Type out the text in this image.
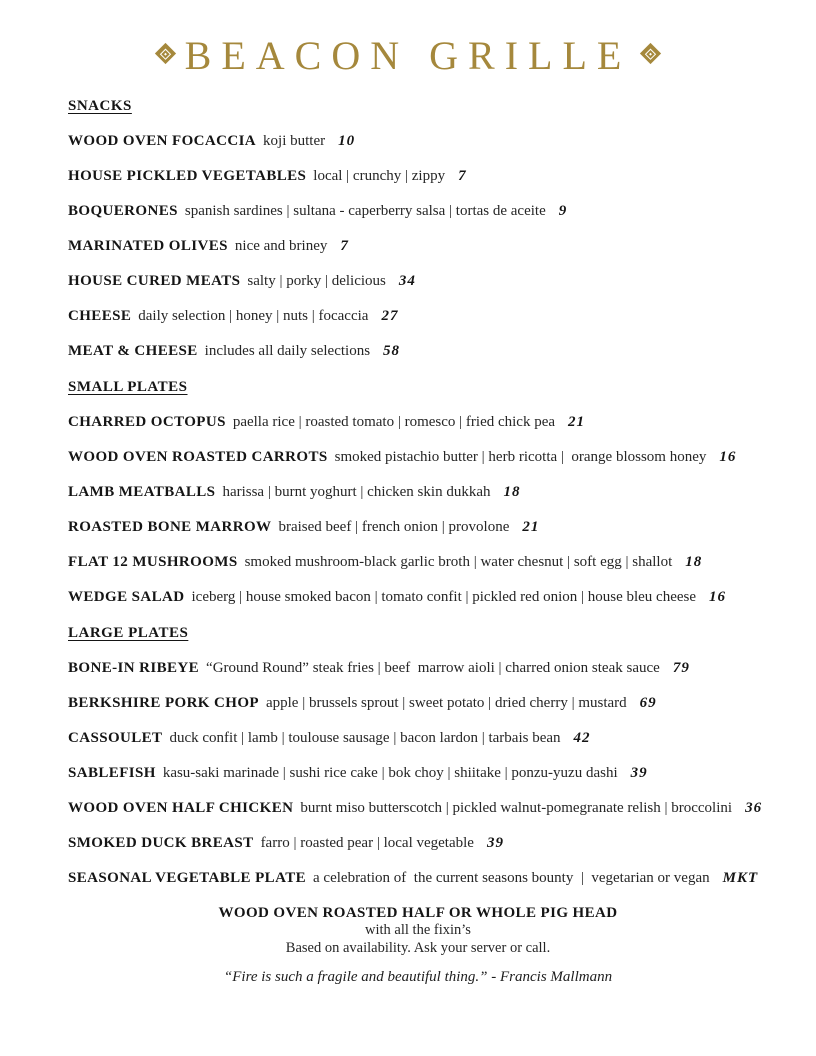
BEACON GRILLE
SNACKS
WOOD OVEN FOCACCIA koji butter 10
HOUSE PICKLED VEGETABLES local | crunchy | zippy 7
BOQUERONES spanish sardines | sultana - caperberry salsa | tortas de aceite 9
MARINATED OLIVES nice and briney 7
HOUSE CURED MEATS salty | porky | delicious 34
CHEESE daily selection | honey | nuts | focaccia 27
MEAT & CHEESE includes all daily selections 58
SMALL PLATES
CHARRED OCTOPUS paella rice | roasted tomato | romesco | fried chick pea 21
WOOD OVEN ROASTED CARROTS smoked pistachio butter | herb ricotta |  orange blossom honey 16
LAMB MEATBALLS harissa | burnt yoghurt | chicken skin dukkah 18
ROASTED BONE MARROW braised beef | french onion | provolone 21
FLAT 12 MUSHROOMS smoked mushroom-black garlic broth | water chesnut | soft egg | shallot 18
WEDGE SALAD iceberg | house smoked bacon | tomato confit | pickled red onion | house bleu cheese 16
LARGE PLATES
BONE-IN RIBEYE “Ground Round” steak fries | beef  marrow aioli | charred onion steak sauce 79
BERKSHIRE PORK CHOP apple | brussels sprout | sweet potato | dried cherry | mustard 69
CASSOULET duck confit | lamb | toulouse sausage | bacon lardon | tarbais bean 42
SABLEFISH kasu-saki marinade | sushi rice cake | bok choy | shiitake | ponzu-yuzu dashi 39
WOOD OVEN HALF CHICKEN burnt miso butterscotch | pickled walnut-pomegranate relish | broccolini 36
SMOKED DUCK BREAST farro | roasted pear | local vegetable 39
SEASONAL VEGETABLE PLATE a celebration of  the current seasons bounty  |  vegetarian or vegan MKT
WOOD OVEN ROASTED HALF OR WHOLE PIG HEAD
with all the fixin’s
Based on availability. Ask your server or call.
“Fire is such a fragile and beautiful thing.” - Francis Mallmann
